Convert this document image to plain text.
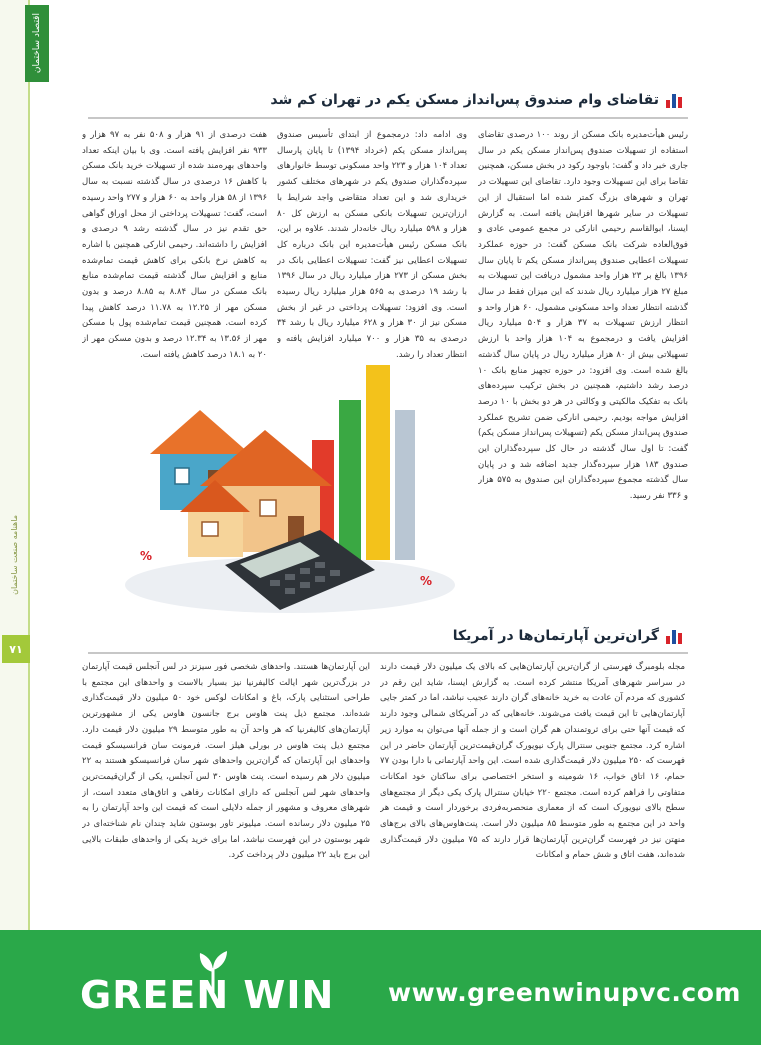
اقتصاد ساختمان
ماهنامه صنعت ساختمان
۷۱
تقاضای وام صندوق پس‌انداز مسکن یکم در تهران کم شد

رئیس هیأت‌مدیره بانک مسکن از روند ۱۰۰ درصدی تقاضای استفاده از تسهیلات صندوق پس‌انداز مسکن یکم در سال جاری خبر داد و گفت: باوجود رکود در بخش مسکن، همچنین تقاضا برای این تسهیلات وجود دارد. تقاضای این تسهیلات در تهران و شهرهای بزرگ کمتر شده اما استقبال از این تسهیلات در سایر شهرها افزایش یافته است. به گزارش ایسنا، ابوالقاسم رحیمی انارکی در مجمع عمومی عادی و فوق‌العاده شرکت بانک مسکن گفت: در حوزه عملکرد تسهیلات اعطایی صندوق پس‌انداز مسکن یکم تا پایان سال ۱۳۹۶ بالغ بر ۲۳ هزار واحد مشمول دریافت این تسهیلات به مبلغ ۲۷ هزار میلیارد ریال شدند که این میزان فقط در سال گذشته انتظار تعداد واحد مسکونی مشمول، ۶۰ هزار واحد و انتظار ارزش تسهیلات به ۳۷ هزار و ۵۰۴ میلیارد ریال افزایش یافت و درمجموع به ۱۰۴ هزار واحد با ارزش تسهیلاتی بیش از ۸۰ هزار میلیارد ریال در پایان سال گذشته بالغ شده است. وی افزود: در حوزه تجهیز منابع بانک ۱۰ درصد رشد داشتیم، همچنین در بخش ترکیب سپرده‌های بانک به تفکیک مالکیتی و وکالتی در هر دو بخش با ۱۰ درصد افزایش مواجه بودیم. رحیمی انارکی ضمن تشریح عملکرد صندوق پس‌انداز مسکن یکم (تسهیلات پس‌انداز مسکن یکم) گفت: تا اول سال گذشته در حال کل سپرده‌گذاران این صندوق ۱۸۳ هزار سپرده‌گذار جدید اضافه شد و در پایان سال گذشته مجموع سپرده‌گذاران این صندوق به ۵۷۵ هزار و ۳۳۶ نفر رسید.

وی ادامه داد: درمجموع از ابتدای تأسیس صندوق پس‌انداز مسکن یکم (خرداد ۱۳۹۴) تا پایان پارسال تعداد ۱۰۴ هزار و ۲۲۳ واحد مسکونی توسط خانوارهای سپرده‌گذاران صندوق یکم در شهرهای مختلف کشور خریداری شد و این تعداد متقاضی واجد شرایط با ارزان‌ترین تسهیلات بانکی مسکن به ارزش کل ۸۰ هزار و ۵۹۸ میلیارد ریال خانه‌دار شدند. علاوه بر این، بانک مسکن رئیس هیأت‌مدیره این بانک درباره کل تسهیلات اعطایی نیز گفت: تسهیلات اعطایی بانک در بخش مسکن از ۲۷۳ هزار میلیارد ریال در سال ۱۳۹۶ با رشد ۱۹ درصدی به ۵۶۵ هزار میلیارد ریال رسیده است. وی افزود: تسهیلات پرداختی در غیر از بخش مسکن نیز از ۳۰ هزار و ۶۲۸ میلیارد ریال با رشد ۳۴ درصدی به ۳۵ هزار و ۷۰۰ میلیارد افزایش یافته و انتظار تعداد را رشد.

هفت درصدی از ۹۱ هزار و ۵۰۸ نفر به ۹۷ هزار و ۹۳۳ نفر افزایش یافته است. وی با بیان اینکه تعداد واحدهای بهره‌مند شده از تسهیلات خرید بانک مسکن با کاهش ۱۶ درصدی در سال گذشته نسبت به سال ۱۳۹۶ از ۵۸ هزار واحد به ۶۰ هزار و ۲۷۷ واحد رسیده است، گفت: تسهیلات پرداختی از محل اوراق گواهی حق تقدم نیز در سال گذشته رشد ۹ درصدی و افزایش را داشته‌اند. رحیمی انارکی همچنین با اشاره به کاهش نرخ بانکی برای کاهش قیمت تمام‌شده منابع و افزایش سال گذشته قیمت تمام‌شده منابع بانک مسکن در سال ۸.۸۴ به ۸.۸۵ درصد و بدون مسکن مهر از ۱۲.۲۵ به ۱۱.۷۸ درصد کاهش پیدا کرده است. همچنین قیمت تمام‌شده پول با مسکن مهر از ۱۳.۵۶ به ۱۲.۳۴ درصد و بدون مسکن مهر از ۲۰ به ۱۸.۱ درصد کاهش یافته است.

%
%
گران‌ترین آپارتمان‌ها در آمریکا

مجله بلومبرگ فهرستی از گران‌ترین آپارتمان‌هایی که بالای یک میلیون دلار قیمت دارند در سراسر شهرهای آمریکا منتشر کرده است. به گزارش ایسنا، شاید این رقم در کشوری که مردم آن عادت به خرید خانه‌های گران دارند عجیب نباشد، اما در کمتر جایی آپارتمان‌هایی تا این قیمت یافت می‌شوند. خانه‌هایی که در آمریکای شمالی وجود دارند که قیمت آنها حتی برای ثروتمندان هم گران است و از جمله آنها می‌توان به موارد زیر اشاره کرد. مجتمع جنوبی سنترال پارک نیویورک گران‌قیمت‌ترین آپارتمان حاضر در این فهرست که ۲۵۰ میلیون دلار قیمت‌گذاری شده است. این واحد آپارتمانی با دارا بودن ۷۷ حمام، ۱۶ اتاق خواب، ۱۶ شومینه و استخر اختصاصی برای ساکنان خود امکانات متفاوتی را فراهم کرده است. مجتمع ۲۲۰ خیابان سنترال پارک یکی دیگر از مجتمع‌های سطح بالای نیویورک است که از معماری منحصربه‌فردی برخوردار است و قیمت هر واحد در این مجتمع به طور متوسط ۸۵ میلیون دلار است. پنت‌هاوس‌های بالای برج‌های منهتن نیز در فهرست گران‌ترین آپارتمان‌ها قرار دارند که ۷۵ میلیون دلار قیمت‌گذاری شده‌اند، هفت اتاق و شش حمام و امکانات

این آپارتمان‌ها هستند. واحدهای شخصی فور سیزنز در لس آنجلس قیمت آپارتمان در بزرگ‌ترین شهر ایالت کالیفرنیا نیز بسیار بالاست و واحدهای این مجتمع با طراحی استثنایی پارک، باغ و امکانات لوکس خود ۵۰ میلیون دلار قیمت‌گذاری شده‌اند. مجتمع ذیل پنت هاوس برج جانسون هاوس یکی از مشهورترین آپارتمان‌های کالیفرنیا که هر واحد آن به طور متوسط ۲۹ میلیون دلار قیمت دارد. مجتمع ذیل پنت هاوس در بورلی هیلز است. فرمونت سان فرانسیسکو قیمت واحدهای این آپارتمان که گران‌ترین واحدهای شهر سان فرانسیسکو هستند به ۲۲ میلیون دلار هم رسیده است. پنت هاوس ۳۰ لس آنجلس، یکی از گران‌قیمت‌ترین واحدهای شهر لس آنجلس که دارای امکانات رفاهی و اتاق‌های متعدد است، از شهرهای معروف و مشهور از جمله دلایلی است که قیمت این واحد آپارتمان را به ۲۵ میلیون دلار رسانده است. میلیونر تاور بوستون شاید چندان نام شناخته‌ای در شهر بوستون در این فهرست نباشد، اما برای خرید یکی از واحدهای طبقات بالایی این برج باید ۲۲ میلیون دلار پرداخت کرد.

GREEN WIN www.greenwinupvc.com
